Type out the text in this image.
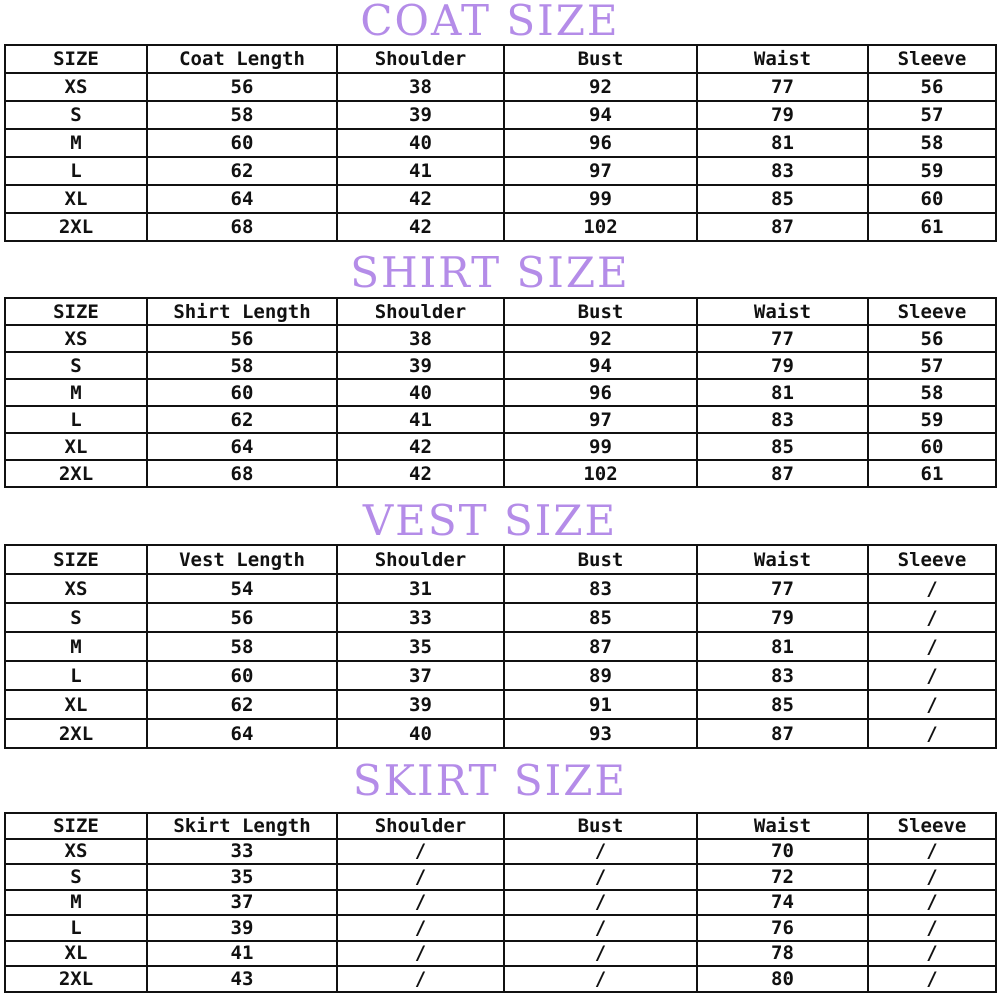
COAT SIZE
SIZE	Coat Length	Shoulder	Bust	Waist	Sleeve
XS	56	38	92	77	56
S	58	39	94	79	57
M	60	40	96	81	58
L	62	41	97	83	59
XL	64	42	99	85	60
2XL	68	42	102	87	61
SHIRT SIZE
SIZE	Shirt Length	Shoulder	Bust	Waist	Sleeve
XS	56	38	92	77	56
S	58	39	94	79	57
M	60	40	96	81	58
L	62	41	97	83	59
XL	64	42	99	85	60
2XL	68	42	102	87	61
VEST SIZE
SIZE	Vest Length	Shoulder	Bust	Waist	Sleeve
XS	54	31	83	77	/
S	56	33	85	79	/
M	58	35	87	81	/
L	60	37	89	83	/
XL	62	39	91	85	/
2XL	64	40	93	87	/
SKIRT SIZE
SIZE	Skirt Length	Shoulder	Bust	Waist	Sleeve
XS	33	/	/	70	/
S	35	/	/	72	/
M	37	/	/	74	/
L	39	/	/	76	/
XL	41	/	/	78	/
2XL	43	/	/	80	/
